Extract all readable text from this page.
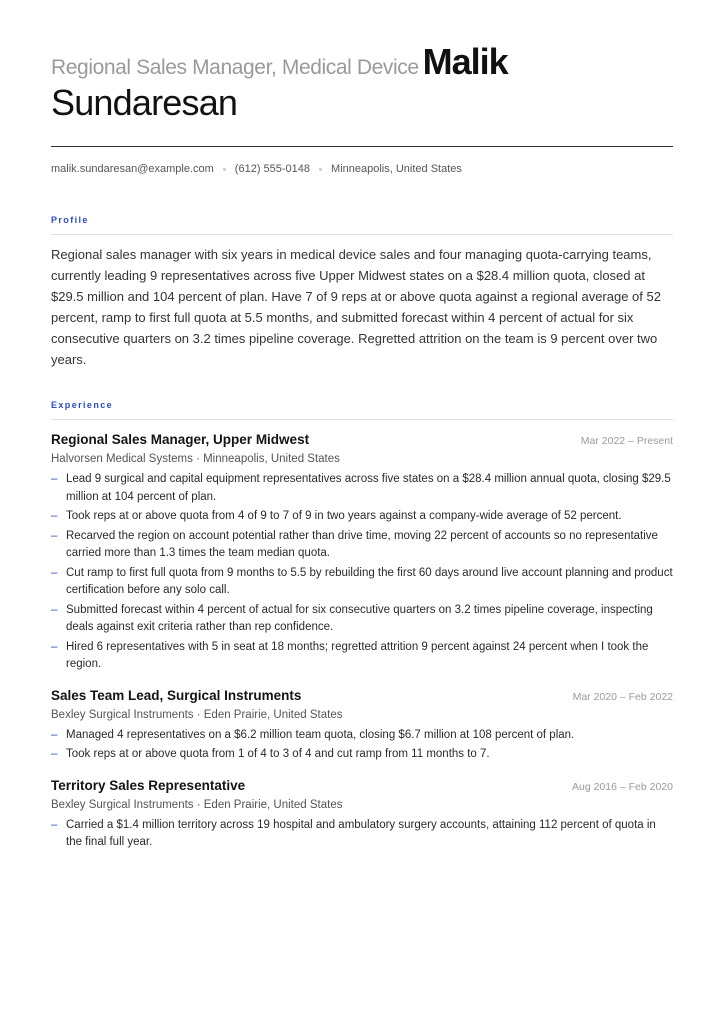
Regional Sales Manager, Medical Device Malik
Sundaresan
malik.sundaresan@example.com (612) 555-0148 Minneapolis, United States
Profile

Regional sales manager with six years in medical device sales and four managing quota-carrying teams, currently leading 9 representatives across five Upper Midwest states on a $28.4 million quota, closed at $29.5 million and 104 percent of plan. Have 7 of 9 reps at or above quota against a regional average of 52 percent, ramp to first full quota at 5.5 months, and submitted forecast within 4 percent of actual for six consecutive quarters on 3.2 times pipeline coverage. Regretted attrition on the team is 9 percent over two years.

Experience
Regional Sales Manager, Upper Midwest	Mar 2022 – Present
Halvorsen Medical Systems · Minneapolis, United States
– Lead 9 surgical and capital equipment representatives across five states on a $28.4 million annual quota, closing $29.5 million at 104 percent of plan.
– Took reps at or above quota from 4 of 9 to 7 of 9 in two years against a company-wide average of 52 percent.
– Recarved the region on account potential rather than drive time, moving 22 percent of accounts so no representative carried more than 1.3 times the team median quota.
– Cut ramp to first full quota from 9 months to 5.5 by rebuilding the first 60 days around live account planning and product certification before any solo call.
– Submitted forecast within 4 percent of actual for six consecutive quarters on 3.2 times pipeline coverage, inspecting deals against exit criteria rather than rep confidence.
– Hired 6 representatives with 5 in seat at 18 months; regretted attrition 9 percent against 24 percent when I took the region.
Sales Team Lead, Surgical Instruments	Mar 2020 – Feb 2022
Bexley Surgical Instruments · Eden Prairie, United States
– Managed 4 representatives on a $6.2 million team quota, closing $6.7 million at 108 percent of plan.
– Took reps at or above quota from 1 of 4 to 3 of 4 and cut ramp from 11 months to 7.
Territory Sales Representative	Aug 2016 – Feb 2020
Bexley Surgical Instruments · Eden Prairie, United States
– Carried a $1.4 million territory across 19 hospital and ambulatory surgery accounts, attaining 112 percent of quota in the final full year.
